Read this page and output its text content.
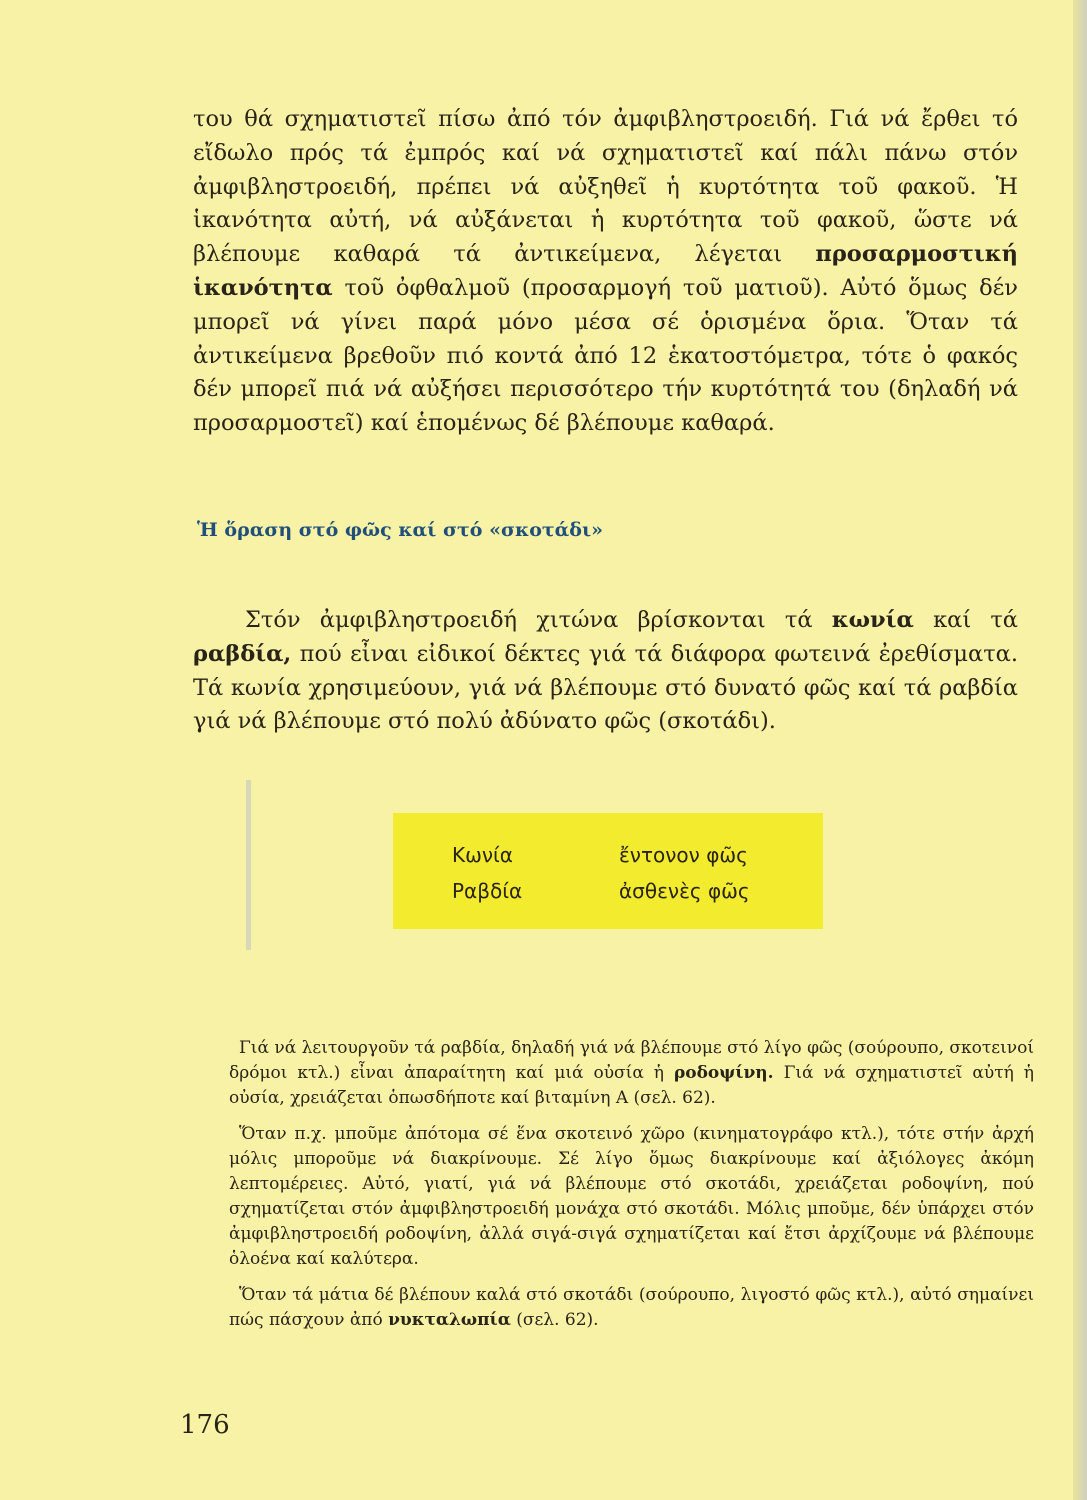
του θά σχηματιστεῖ πίσω ἀπό τόν ἀμφιβληστροειδή. Γιά νά ἔρθει τό εἴδωλο πρός τά ἐμπρός καί νά σχηματιστεῖ καί πάλι πάνω στόν ἀμφιβληστροειδή, πρέπει νά αὐξηθεῖ ἡ κυρτότητα τοῦ φακοῦ. Ἡ ἱκανότητα αὐτή, νά αὐξάνεται ἡ κυρτότητα τοῦ φακοῦ, ὥστε νά βλέπουμε καθαρά τά ἀντικείμενα, λέγεται προσαρμοστική ἱκανότητα τοῦ ὀφθαλμοῦ (προσαρμογή τοῦ ματιοῦ). Αὐτό ὅμως δέν μπορεῖ νά γίνει παρά μόνο μέσα σέ ὁρισμένα ὅρια. Ὅταν τά ἀντικείμενα βρεθοῦν πιό κοντά ἀπό 12 ἑκατοστόμετρα, τότε ὁ φακός δέν μπορεῖ πιά νά αὐξήσει περισσότερο τήν κυρτότητά του (δηλαδή νά προσαρμοστεῖ) καί ἑπομένως δέ βλέπουμε καθαρά.

Ἡ ὅραση στό φῶς καί στό «σκοτάδι»

Στόν ἀμφιβληστροειδή χιτώνα βρίσκονται τά κωνία καί τά ραβδία, πού εἶναι εἰδικοί δέκτες γιά τά διάφορα φωτεινά ἐρεθίσματα. Τά κωνία χρησιμεύουν, γιά νά βλέπουμε στό δυνατό φῶς καί τά ραβδία γιά νά βλέπουμε στό πολύ ἀδύνατο φῶς (σκοτάδι).

Κωνία	ἔντονον φῶς
Ραβδία	ἀσθενὲς φῶς

Γιά νά λειτουργοῦν τά ραβδία, δηλαδή γιά νά βλέπουμε στό λίγο φῶς (σούρουπο, σκοτεινοί δρόμοι κτλ.) εἶναι ἀπαραίτητη καί μιά οὐσία ἡ ροδοψίνη. Γιά νά σχηματιστεῖ αὐτή ἡ οὐσία, χρειάζεται ὁπωσδήποτε καί βιταμίνη Α (σελ. 62).

Ὅταν π.χ. μποῦμε ἀπότομα σέ ἕνα σκοτεινό χῶρο (κινηματογράφο κτλ.), τότε στήν ἀρχή μόλις μποροῦμε νά διακρίνουμε. Σέ λίγο ὅμως διακρίνουμε καί ἀξιόλογες ἀκόμη λεπτομέρειες. Αὐτό, γιατί, γιά νά βλέπουμε στό σκοτάδι, χρειάζεται ροδοψίνη, πού σχηματίζεται στόν ἀμφιβληστροειδή μονάχα στό σκοτάδι. Μόλις μποῦμε, δέν ὑπάρχει στόν ἀμφιβληστροειδή ροδοψίνη, ἀλλά σιγά-σιγά σχηματίζεται καί ἔτσι ἀρχίζουμε νά βλέπουμε ὁλοένα καί καλύτερα.

Ὅταν τά μάτια δέ βλέπουν καλά στό σκοτάδι (σούρουπο, λιγοστό φῶς κτλ.), αὐτό σημαίνει πώς πάσχουν ἀπό νυκταλωπία (σελ. 62).

176
